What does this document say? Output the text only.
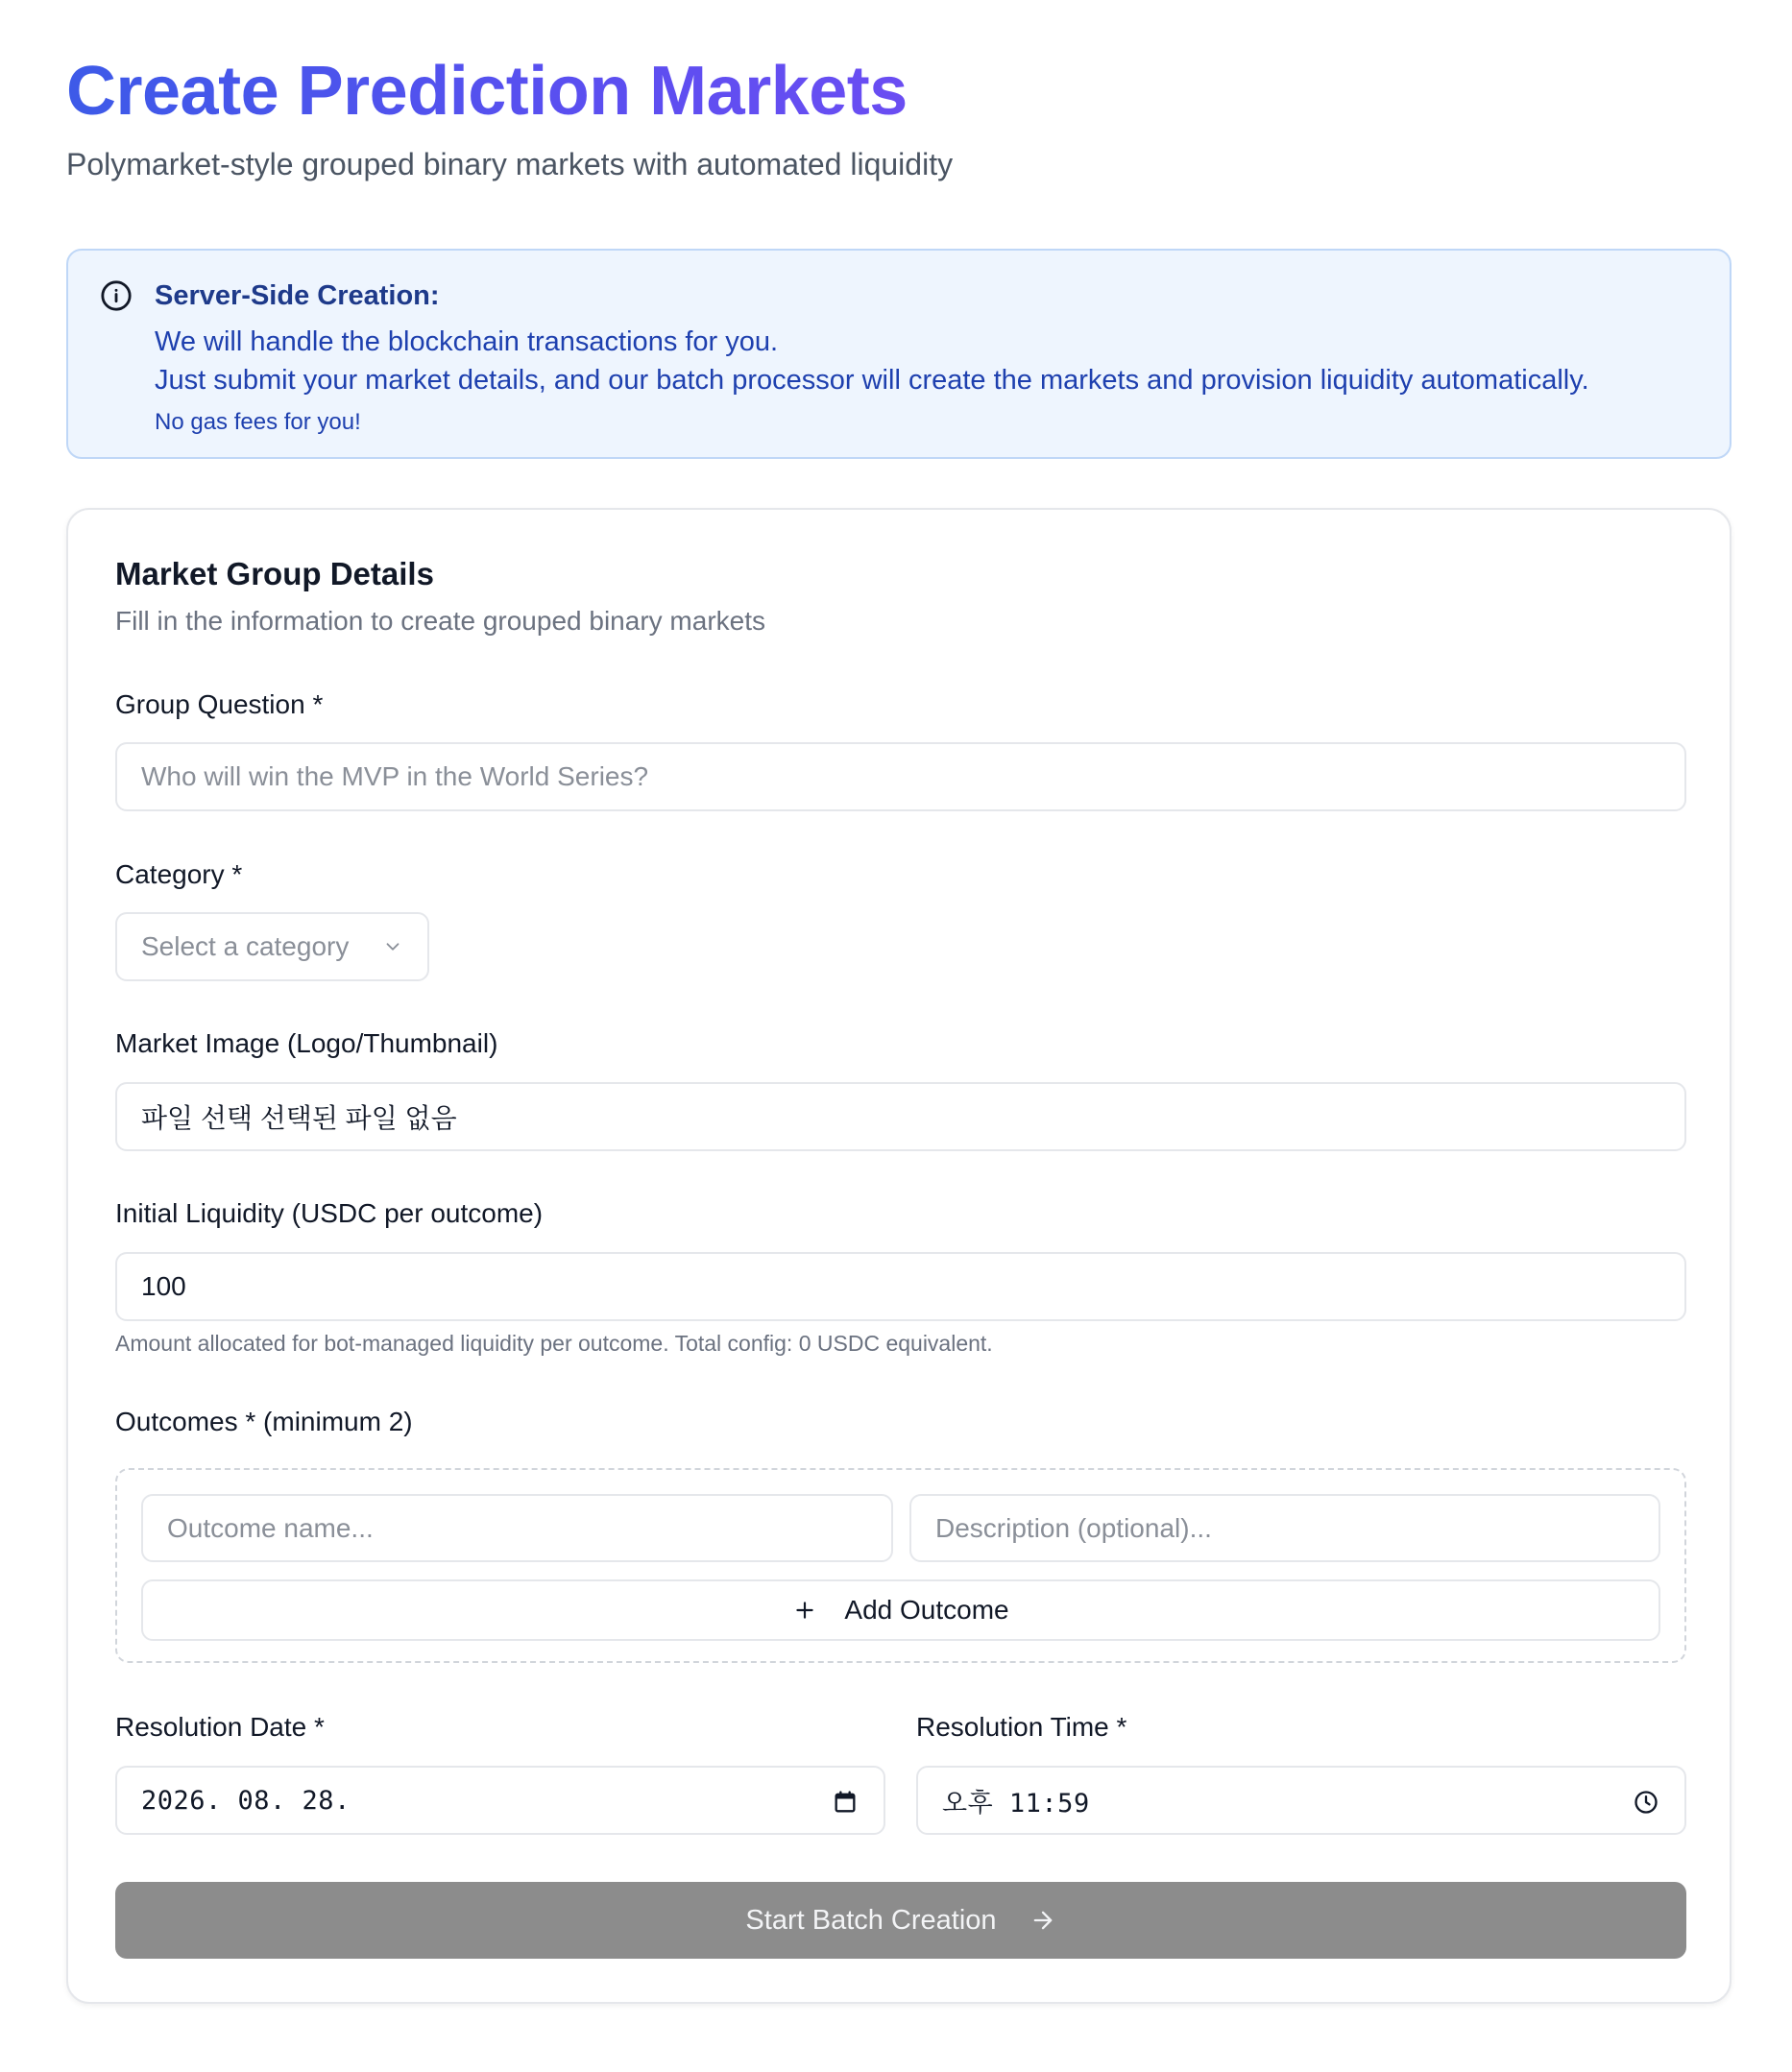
Create Prediction Markets

Polymarket-style grouped binary markets with automated liquidity

Server-Side Creation:
We will handle the blockchain transactions for you.
Just submit your market details, and our batch processor will create the markets and provision liquidity automatically.
No gas fees for you!
Market Group Details
Fill in the information to create grouped binary markets
Group Question *
Who will win the MVP in the World Series?
Category *
Select a category
Market Image (Logo/Thumbnail)
파일 선택 선택된 파일 없음
Initial Liquidity (USDC per outcome)
100
Amount allocated for bot-managed liquidity per outcome. Total config: 0 USDC equivalent.
Outcomes * (minimum 2)
Outcome name...	Description (optional)...
Add Outcome
Resolution Date *
2026. 08. 28.
Resolution Time *
오후 11:59
Start Batch Creation
